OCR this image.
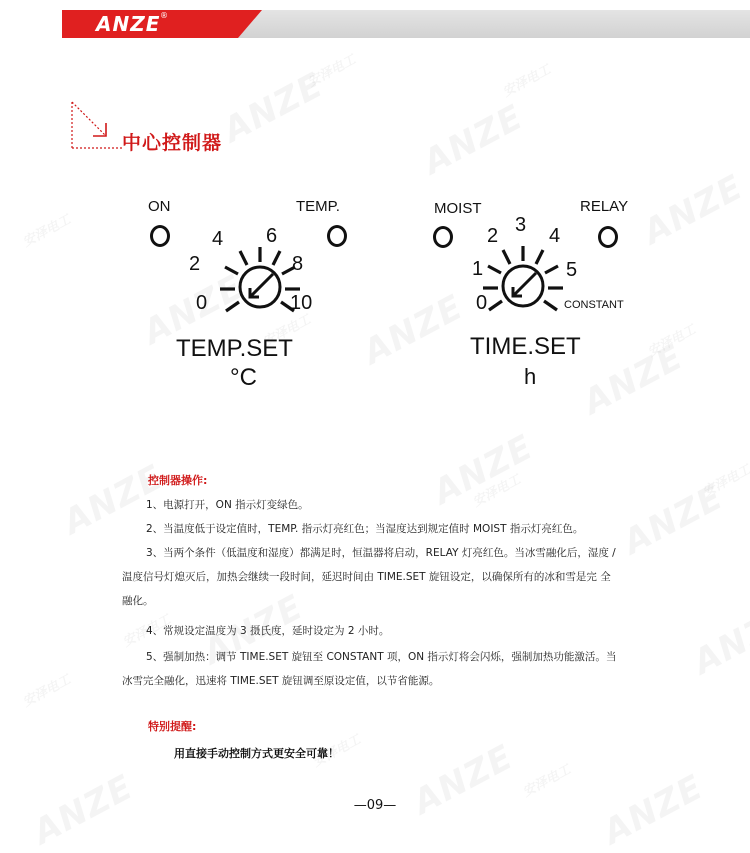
ANZE ®
中心控制器
ON	TEMP.
0
2
4 6
8
10
TEMP.SET
°C
MOIST	RELAY
0
1
2 3 4
5
CONSTANT
TIME.SET
h
控制器操作:
1、电源打开，ON 指示灯变绿色。
2、当温度低于设定值时，TEMP. 指示灯亮红色；当湿度达到规定值时 MOIST 指示灯亮红色。
3、当两个条件（低温度和湿度）都满足时，恒温器将启动，RELAY 灯亮红色。当冰雪融化后，湿度 /
温度信号灯熄灭后，加热会继续一段时间，延迟时间由 TIME.SET 旋钮设定，以确保所有的冰和雪是完 全
融化。
4、常规设定温度为 3 摄氏度，延时设定为 2 小时。
5、强制加热：调节 TIME.SET 旋钮至 CONSTANT 项，ON 指示灯将会闪烁，强制加热功能激活。当
冰雪完全融化，迅速将 TIME.SET 旋钮调至原设定值，以节省能源。
特别提醒:
用直接手动控制方式更安全可靠！
—09—
